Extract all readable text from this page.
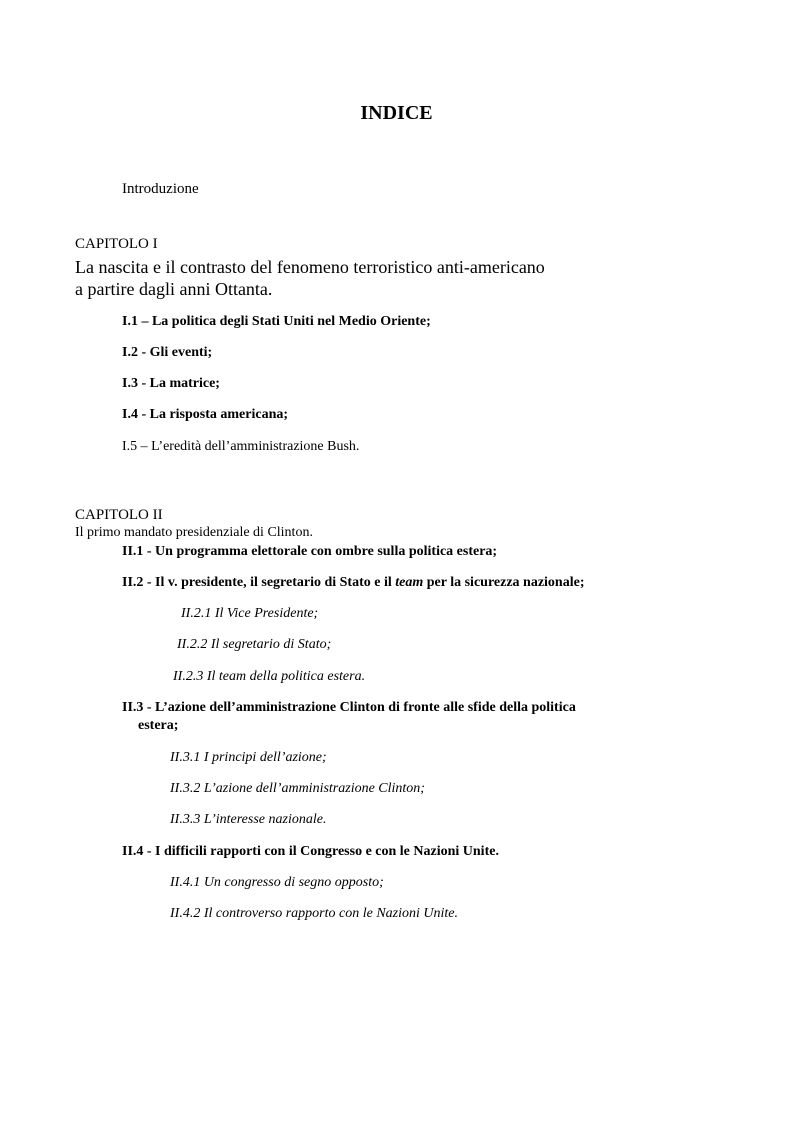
INDICE
Introduzione
CAPITOLO I
La nascita e il contrasto del fenomeno terroristico anti-americano
a partire dagli anni Ottanta.
I.1 – La politica degli Stati Uniti nel Medio Oriente;
I.2 - Gli eventi;
I.3 - La matrice;
I.4 - La risposta americana;
I.5 – L’eredità dell’amministrazione Bush.
CAPITOLO II
Il primo mandato presidenziale di Clinton.
II.1 - Un programma elettorale con ombre sulla politica estera;
II.2 - Il v. presidente, il segretario di Stato e il team per la sicurezza nazionale;
II.2.1 Il Vice Presidente;
II.2.2 Il segretario di Stato;
II.2.3 Il team della politica estera.
II.3 - L’azione dell’amministrazione Clinton di fronte alle sfide della politica
estera;
II.3.1 I principi dell’azione;
II.3.2 L’azione dell’amministrazione Clinton;
II.3.3 L’interesse nazionale.
II.4 - I difficili rapporti con il Congresso e con le Nazioni Unite.
II.4.1 Un congresso di segno opposto;
II.4.2 Il controverso rapporto con le Nazioni Unite.
